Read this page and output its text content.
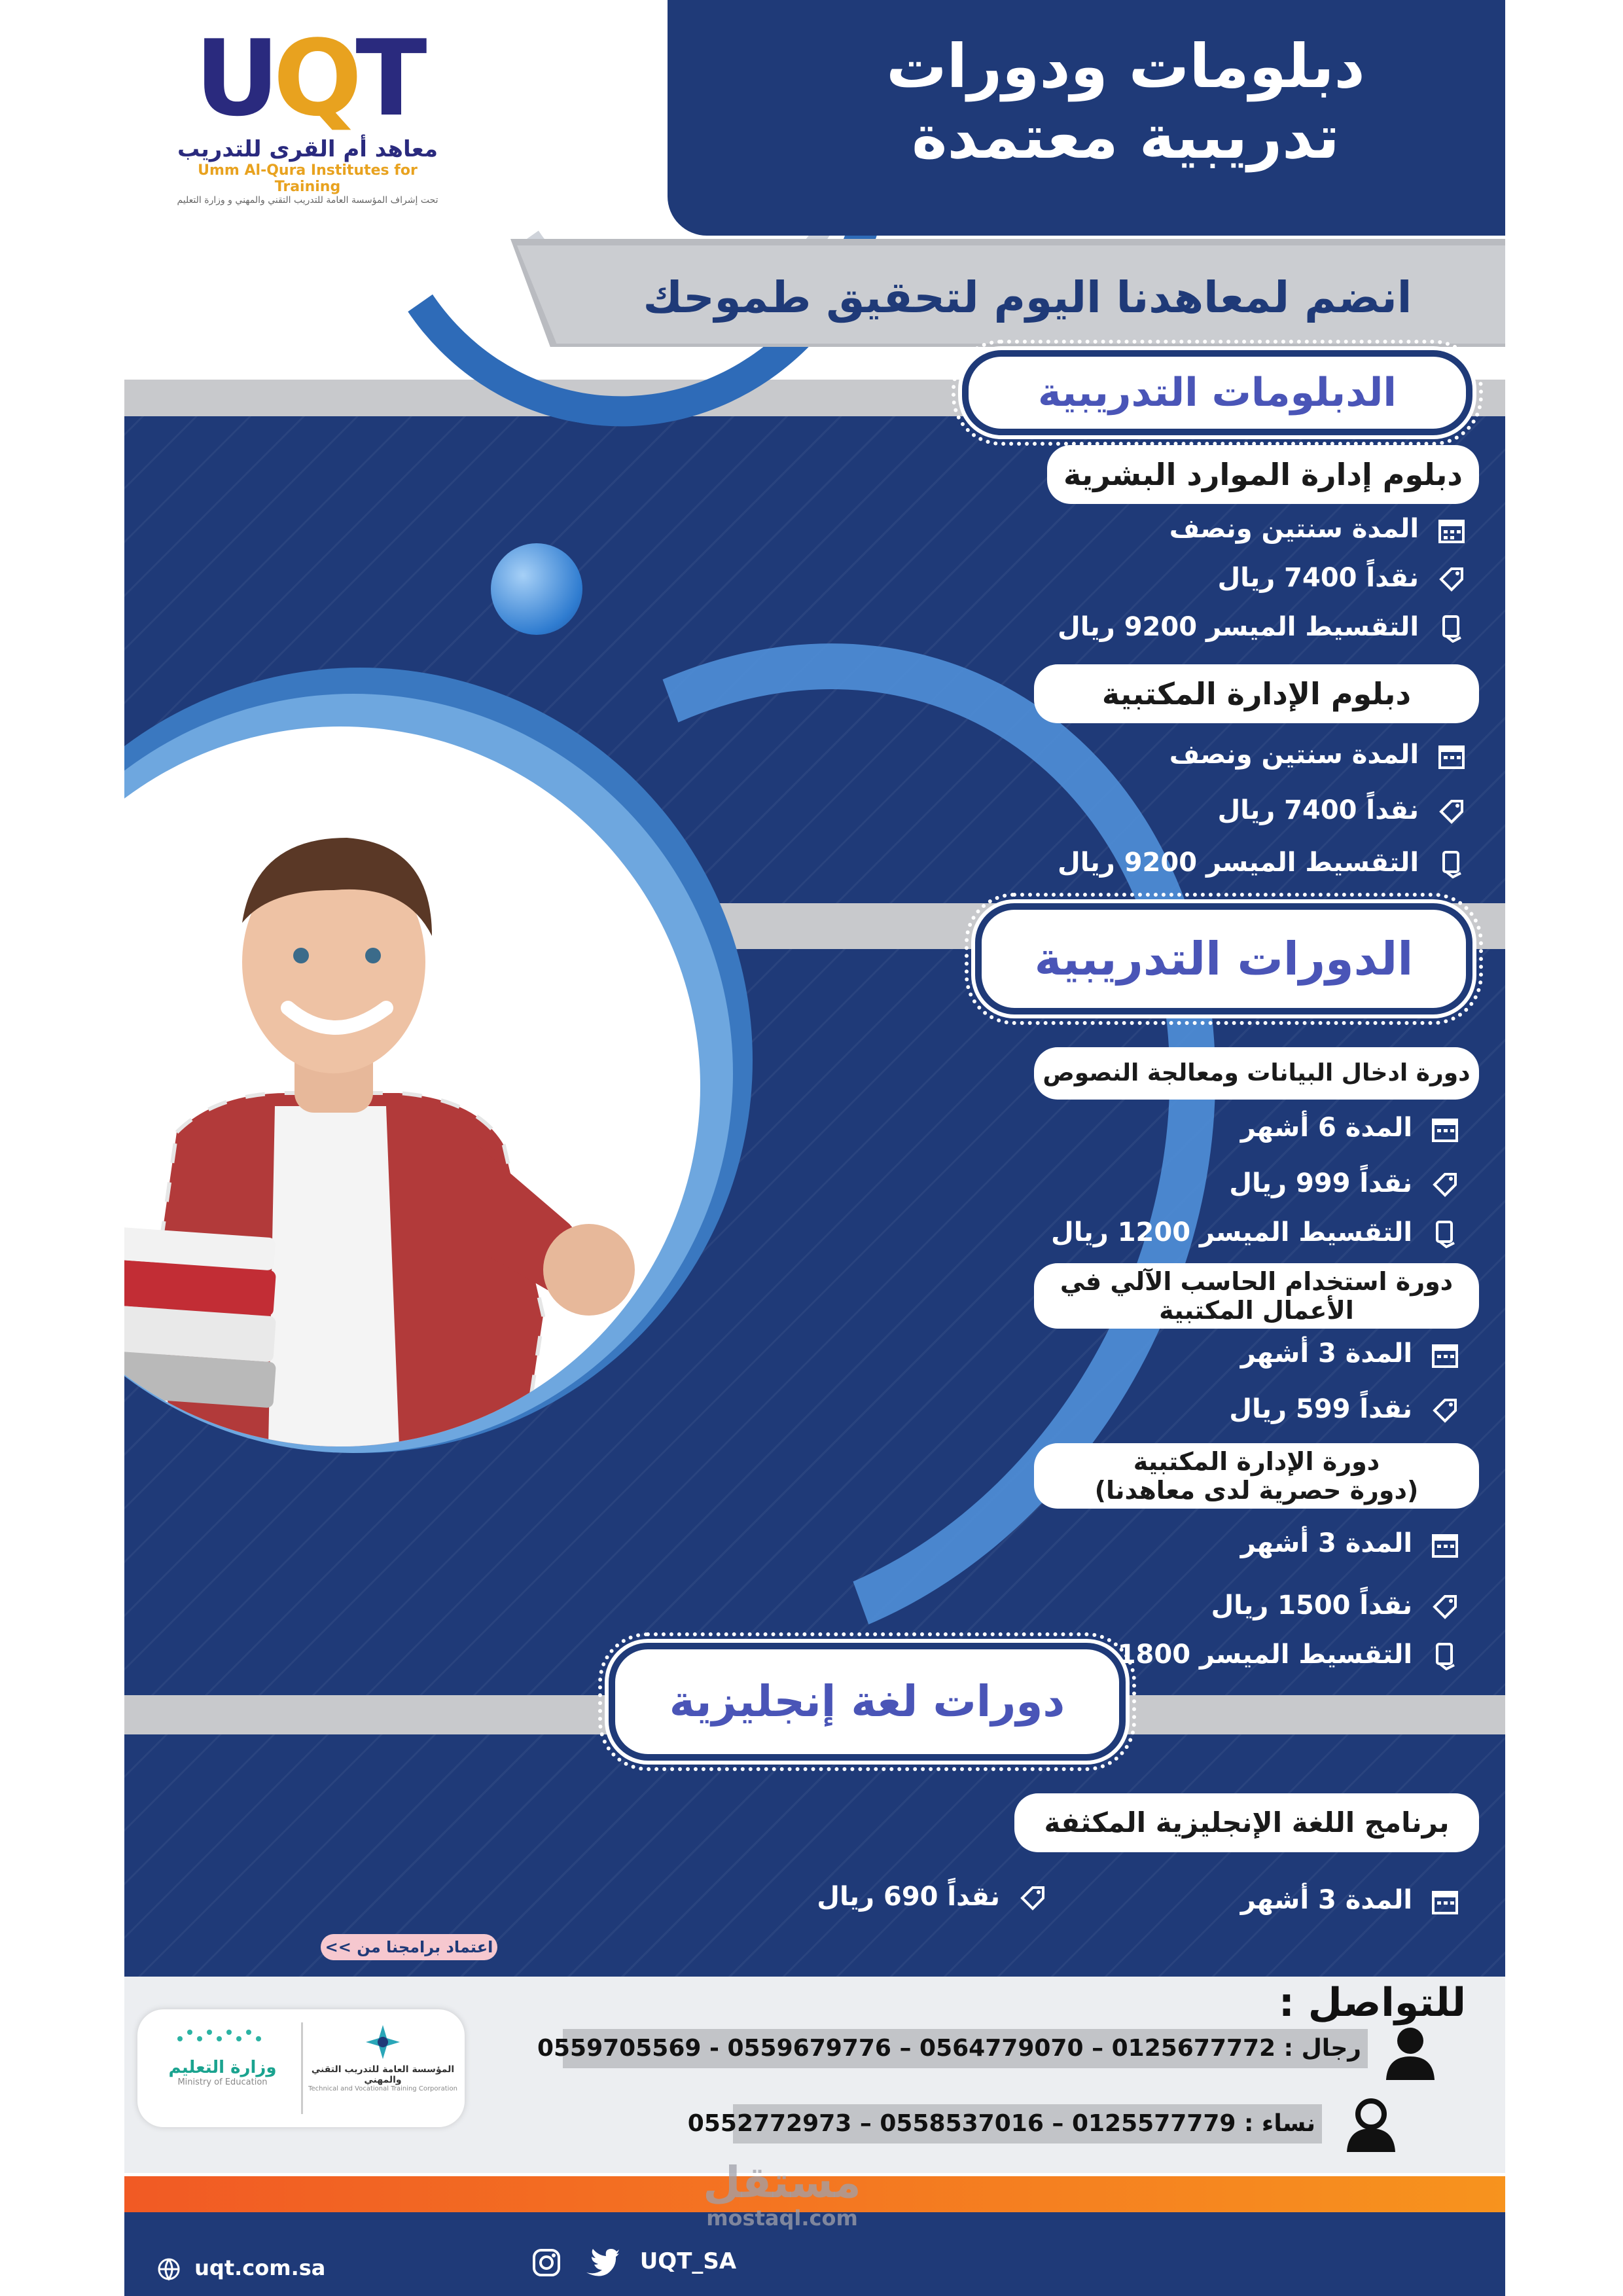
UQT
معاهد أم القرى للتدريب
Umm Al-Qura Institutes for Training
تحت إشراف المؤسسة العامة للتدريب التقني والمهني و وزارة التعليم
دبلومات ودورات
تدريبية معتمدة
انضم لمعاهدنا اليوم لتحقيق طموحك
الدبلومات التدريبية
دبلوم إدارة الموارد البشرية
المدة سنتين ونصف
نقداً 7400 ريال
التقسيط الميسر 9200 ريال
دبلوم الإدارة المكتبية
المدة سنتين ونصف
نقداً 7400 ريال
التقسيط الميسر 9200 ريال
الدورات التدريبية
دورة ادخال البيانات ومعالجة النصوص
المدة 6 أشهر
نقداً 999 ريال
التقسيط الميسر 1200 ريال
دورة استخدام الحاسب الآلي في
الأعمال المكتبية
المدة 3 أشهر
نقداً 599 ريال
دورة الإدارة المكتبية
(دورة حصرية لدى معاهدنا)
المدة 3 أشهر
نقداً 1500 ريال
التقسيط الميسر 1800
دورات لغة إنجليزية
برنامج اللغة الإنجليزية المكثفة
المدة 3 أشهر
نقداً 690 ريال
اعتماد برامجنا من >>
وزارة التعليم
Ministry of Education
المؤسسة العامة للتدريب التقني والمهني
Technical and Vocational Training Corporation
للتواصل :
رجال : 0125677772 – 0564779070 – 0559679776 - 0559705569
نساء : 0125577779 – 0558537016 – 0552772973
مستقل
mostaql.com
uqt.com.sa	UQT_SA
